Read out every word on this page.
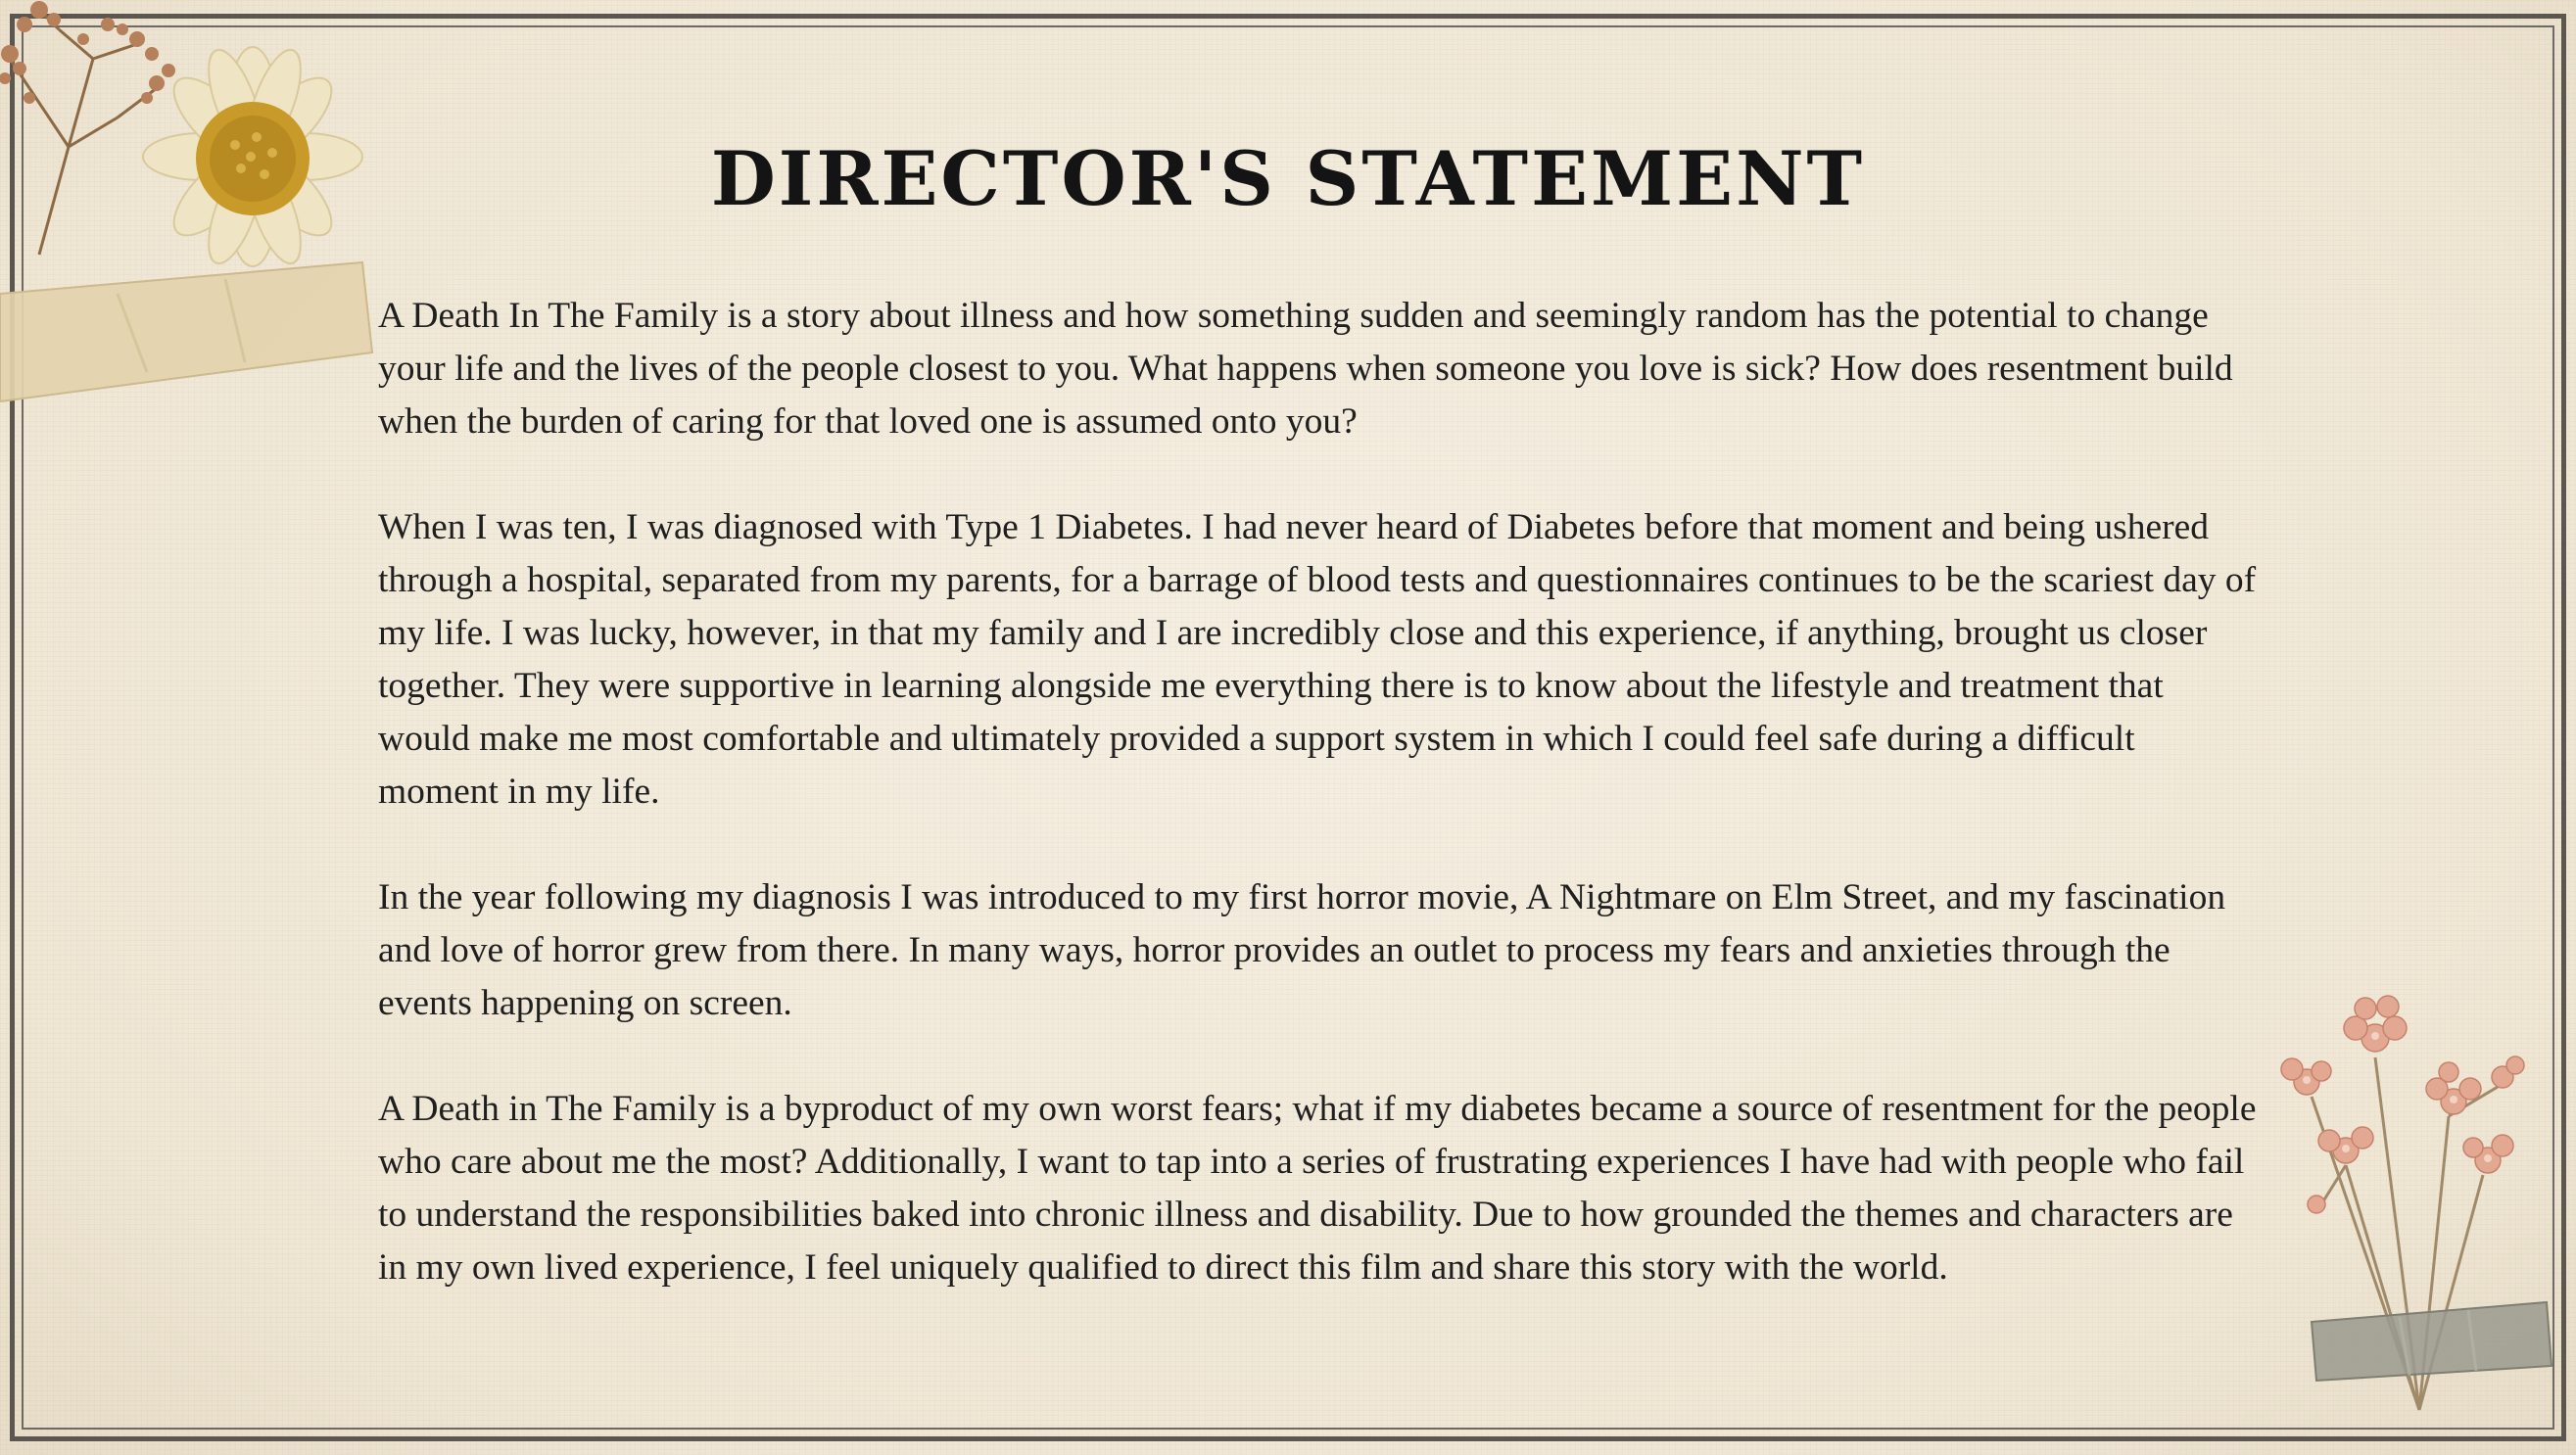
DIRECTOR'S STATEMENT

A Death In The Family is a story about illness and how something sudden and seemingly random has the potential to change your life and the lives of the people closest to you. What happens when someone you love is sick? How does resentment build when the burden of caring for that loved one is assumed onto you?

When I was ten, I was diagnosed with Type 1 Diabetes. I had never heard of Diabetes before that moment and being ushered through a hospital, separated from my parents, for a barrage of blood tests and questionnaires continues to be the scariest day of my life. I was lucky, however, in that my family and I are incredibly close and this experience, if anything, brought us closer together. They were supportive in learning alongside me everything there is to know about the lifestyle and treatment that would make me most comfortable and ultimately provided a support system in which I could feel safe during a difficult moment in my life.

In the year following my diagnosis I was introduced to my first horror movie, A Nightmare on Elm Street, and my fascination and love of horror grew from there. In many ways, horror provides an outlet to process my fears and anxieties through the events happening on screen.

A Death in The Family is a byproduct of my own worst fears; what if my diabetes became a source of resentment for the people who care about me the most? Additionally, I want to tap into a series of frustrating experiences I have had with people who fail to understand the responsibilities baked into chronic illness and disability. Due to how grounded the themes and characters are in my own lived experience, I feel uniquely qualified to direct this film and share this story with the world.
